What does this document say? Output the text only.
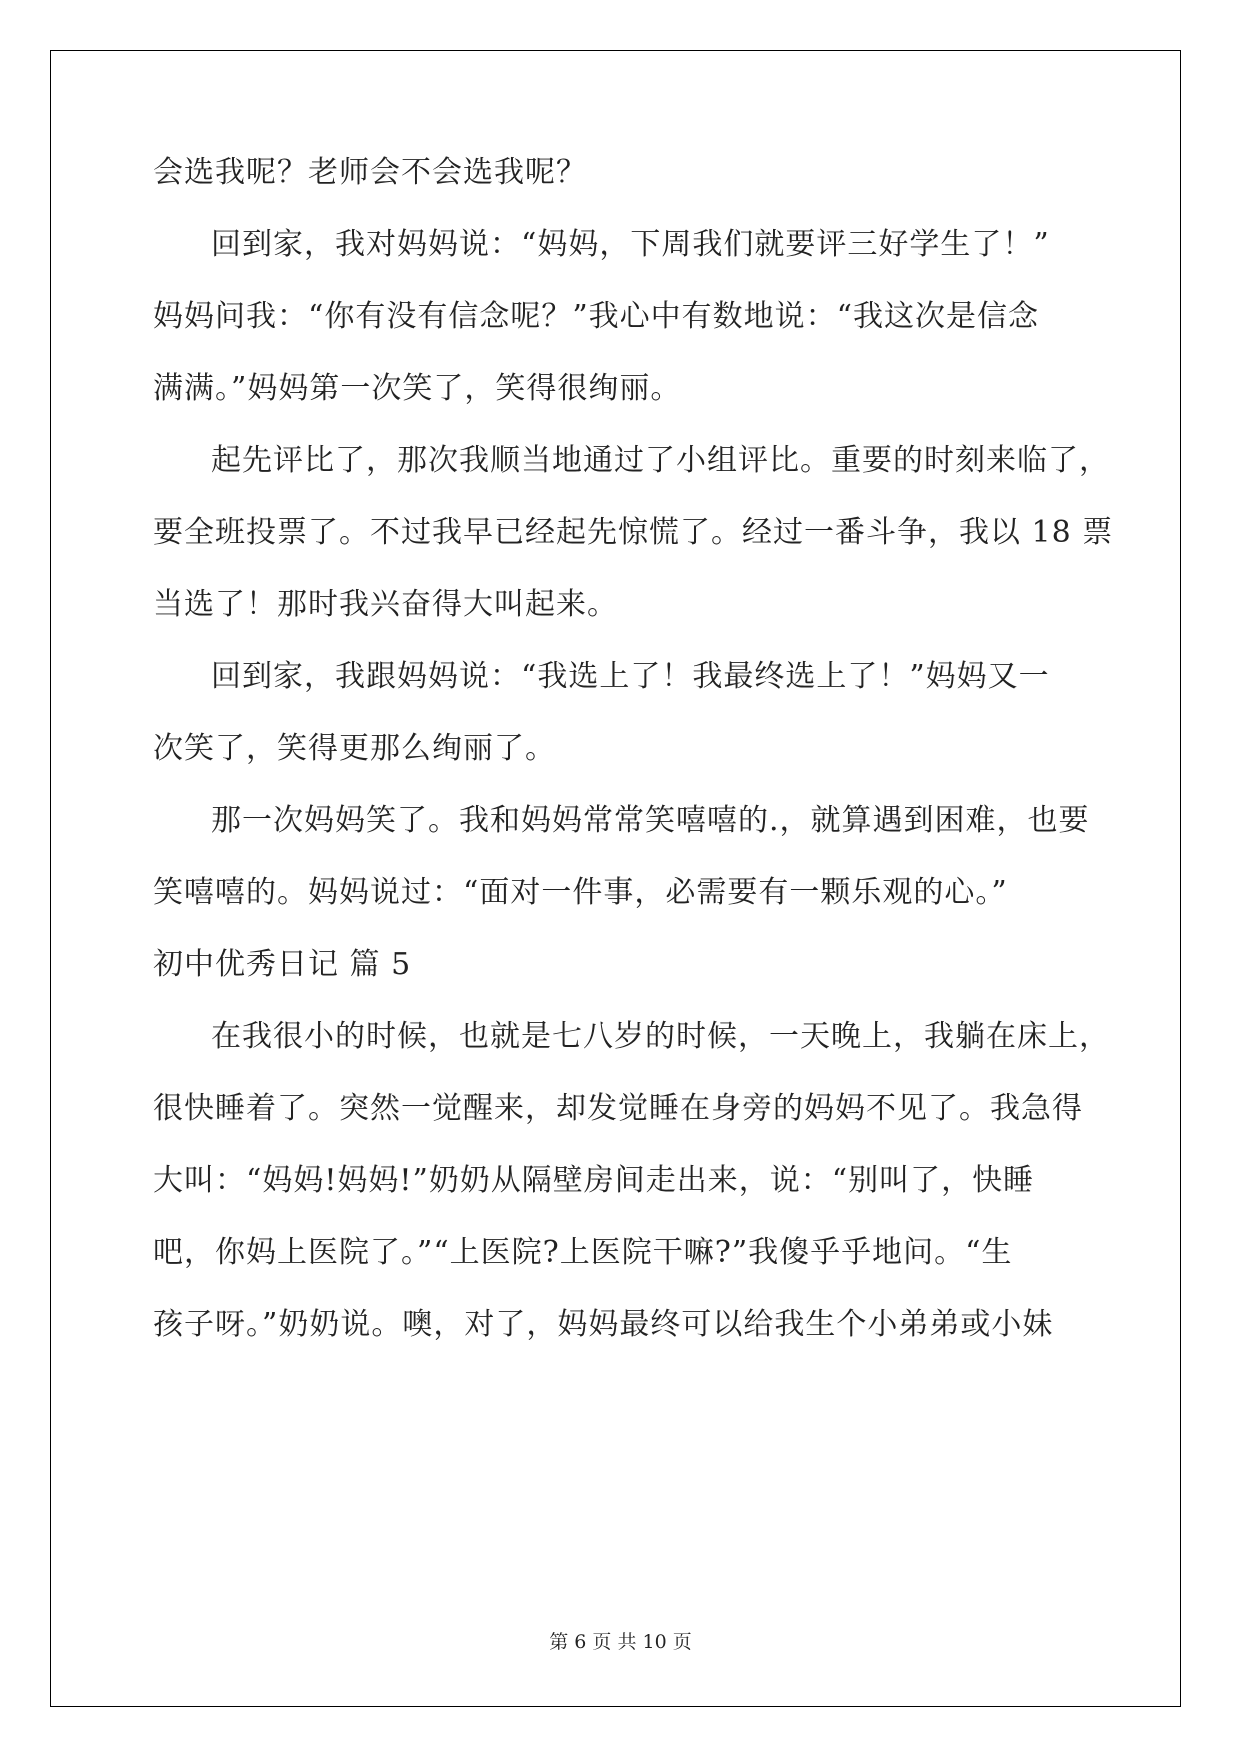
会选我呢？老师会不会选我呢？
回到家，我对妈妈说：“妈妈，下周我们就要评三好学生了！”
妈妈问我：“你有没有信念呢？”我心中有数地说：“我这次是信念
满满。”妈妈第一次笑了，笑得很绚丽。
起先评比了，那次我顺当地通过了小组评比。重要的时刻来临了，
要全班投票了。不过我早已经起先惊慌了。经过一番斗争，我以 18 票
当选了！那时我兴奋得大叫起来。
回到家，我跟妈妈说：“我选上了！我最终选上了！”妈妈又一
次笑了，笑得更那么绚丽了。
那一次妈妈笑了。我和妈妈常常笑嘻嘻的.，就算遇到困难，也要
笑嘻嘻的。妈妈说过：“面对一件事，必需要有一颗乐观的心。”
初中优秀日记 篇 5
在我很小的时候，也就是七八岁的时候，一天晚上，我躺在床上，
很快睡着了。突然一觉醒来，却发觉睡在身旁的妈妈不见了。我急得
大叫：“妈妈!妈妈!”奶奶从隔壁房间走出来，说：“别叫了，快睡
吧，你妈上医院了。”“上医院?上医院干嘛?”我傻乎乎地问。“生
孩子呀。”奶奶说。噢，对了，妈妈最终可以给我生个小弟弟或小妹
第 6 页 共 10 页
